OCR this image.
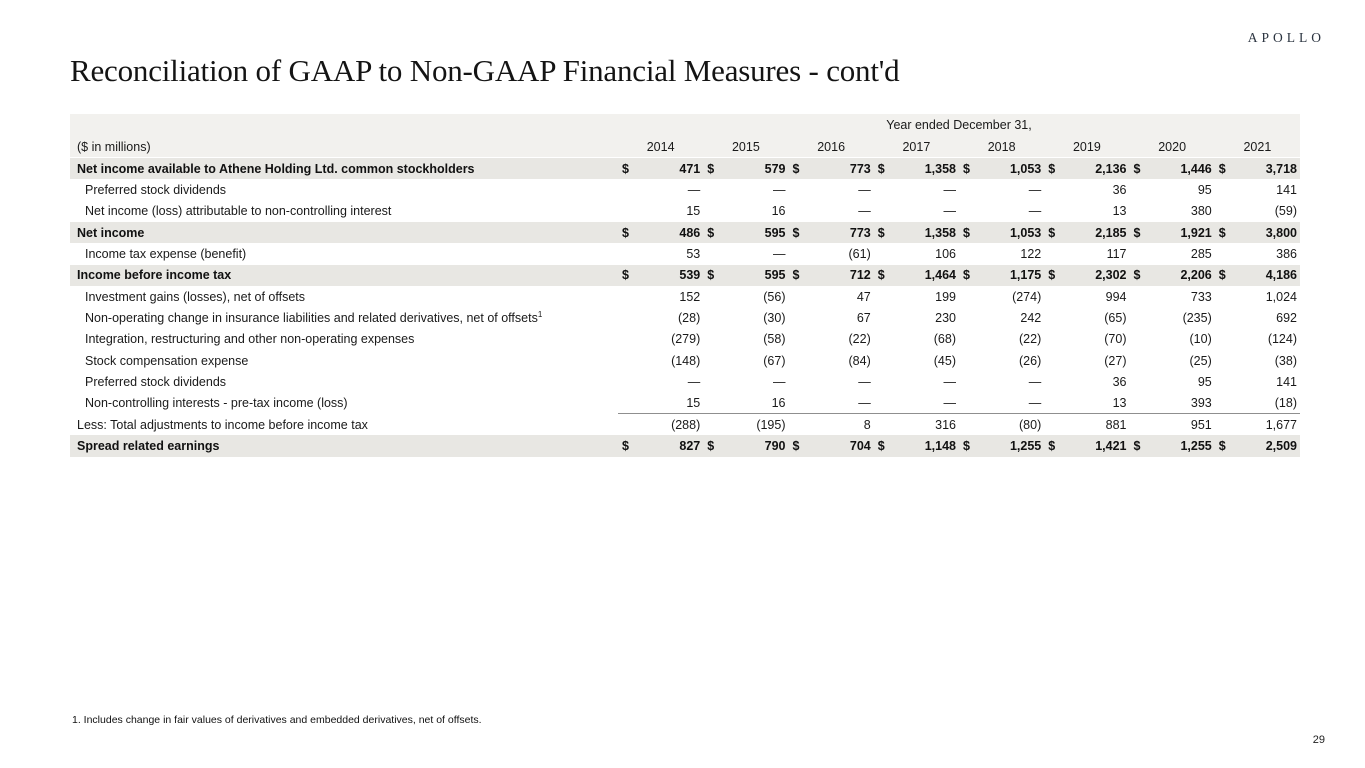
APOLLO
Reconciliation of GAAP to Non-GAAP Financial Measures - cont'd
Year ended December 31,
($ in millions)	2014	2015	2016	2017	2018	2019	2020	2021
Net income available to Athene Holding Ltd. common stockholders	$	471 $	579 $	773 $	1,358 $	1,053 $	2,136 $	1,446 $	3,718
Preferred stock dividends	—	—	—	—	—	36	95	141
Net income (loss) attributable to non-controlling interest	15	16	—	—	—	13	380	(59)
Net income	$	486 $	595 $	773 $	1,358 $	1,053 $	2,185 $	1,921 $	3,800
Income tax expense (benefit)	53	—	(61)	106	122	117	285	386
Income before income tax	$	539 $	595 $	712 $	1,464 $	1,175 $	2,302 $	2,206 $	4,186
Investment gains (losses), net of offsets	152	(56)	47	199	(274)	994	733	1,024
Non-operating change in insurance liabilities and related derivatives, net of offsets$^1$	(28)	(30)	67	230	242	(65)	(235)	692
Integration, restructuring and other non-operating expenses	(279)	(58)	(22)	(68)	(22)	(70)	(10)	(124)
Stock compensation expense	(148)	(67)	(84)	(45)	(26)	(27)	(25)	(38)
Preferred stock dividends	—	—	—	—	—	36	95	141
Non-controlling interests - pre-tax income (loss)	15	16	—	—	—	13	393	(18)
Less: Total adjustments to income before income tax	(288)	(195)	8	316	(80)	881	951	1,677
Spread related earnings	$	827 $	790 $	704 $	1,148 $	1,255 $	1,421 $	1,255 $	2,509
1. Includes change in fair values of derivatives and embedded derivatives, net of offsets.
29
